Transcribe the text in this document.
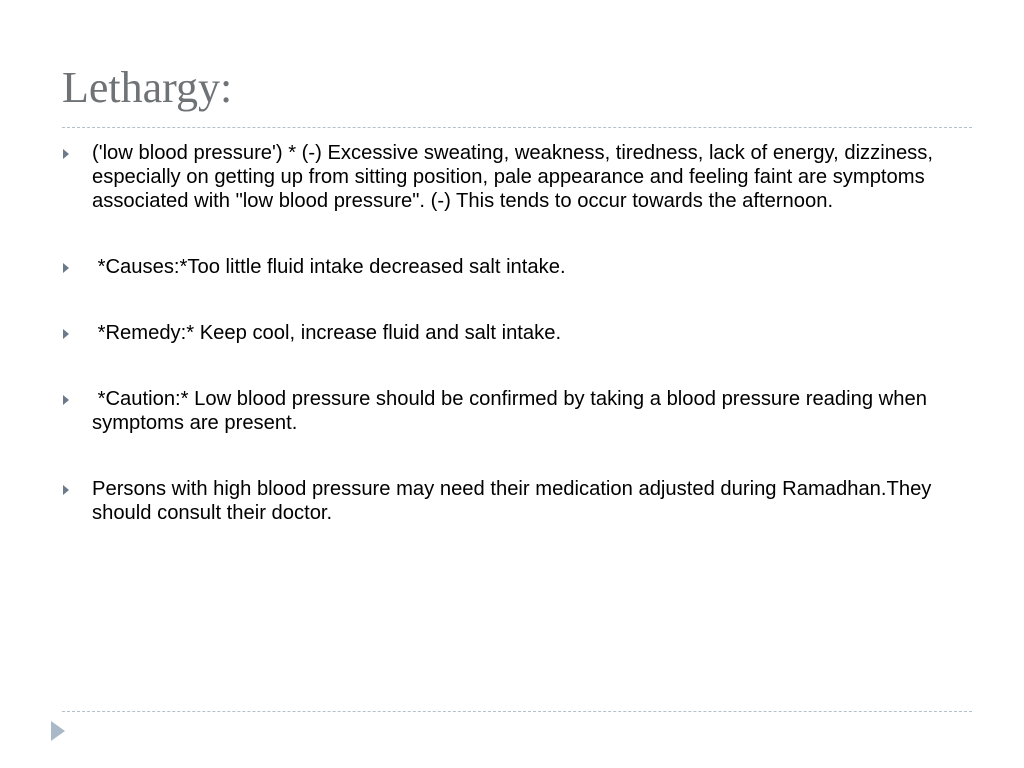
Lethargy:
('low blood pressure') * (-) Excessive sweating, weakness, tiredness, lack of energy, dizziness, especially on getting up from sitting position, pale appearance and feeling faint are symptoms associated with "low blood pressure". (-) This tends to occur towards the afternoon.
*Causes:*Too little fluid intake decreased salt intake.
*Remedy:* Keep cool, increase fluid and salt intake.
*Caution:* Low blood pressure should be confirmed by taking a blood pressure reading when symptoms are present.
Persons with high blood pressure may need their medication adjusted during Ramadhan.They should consult their doctor.
